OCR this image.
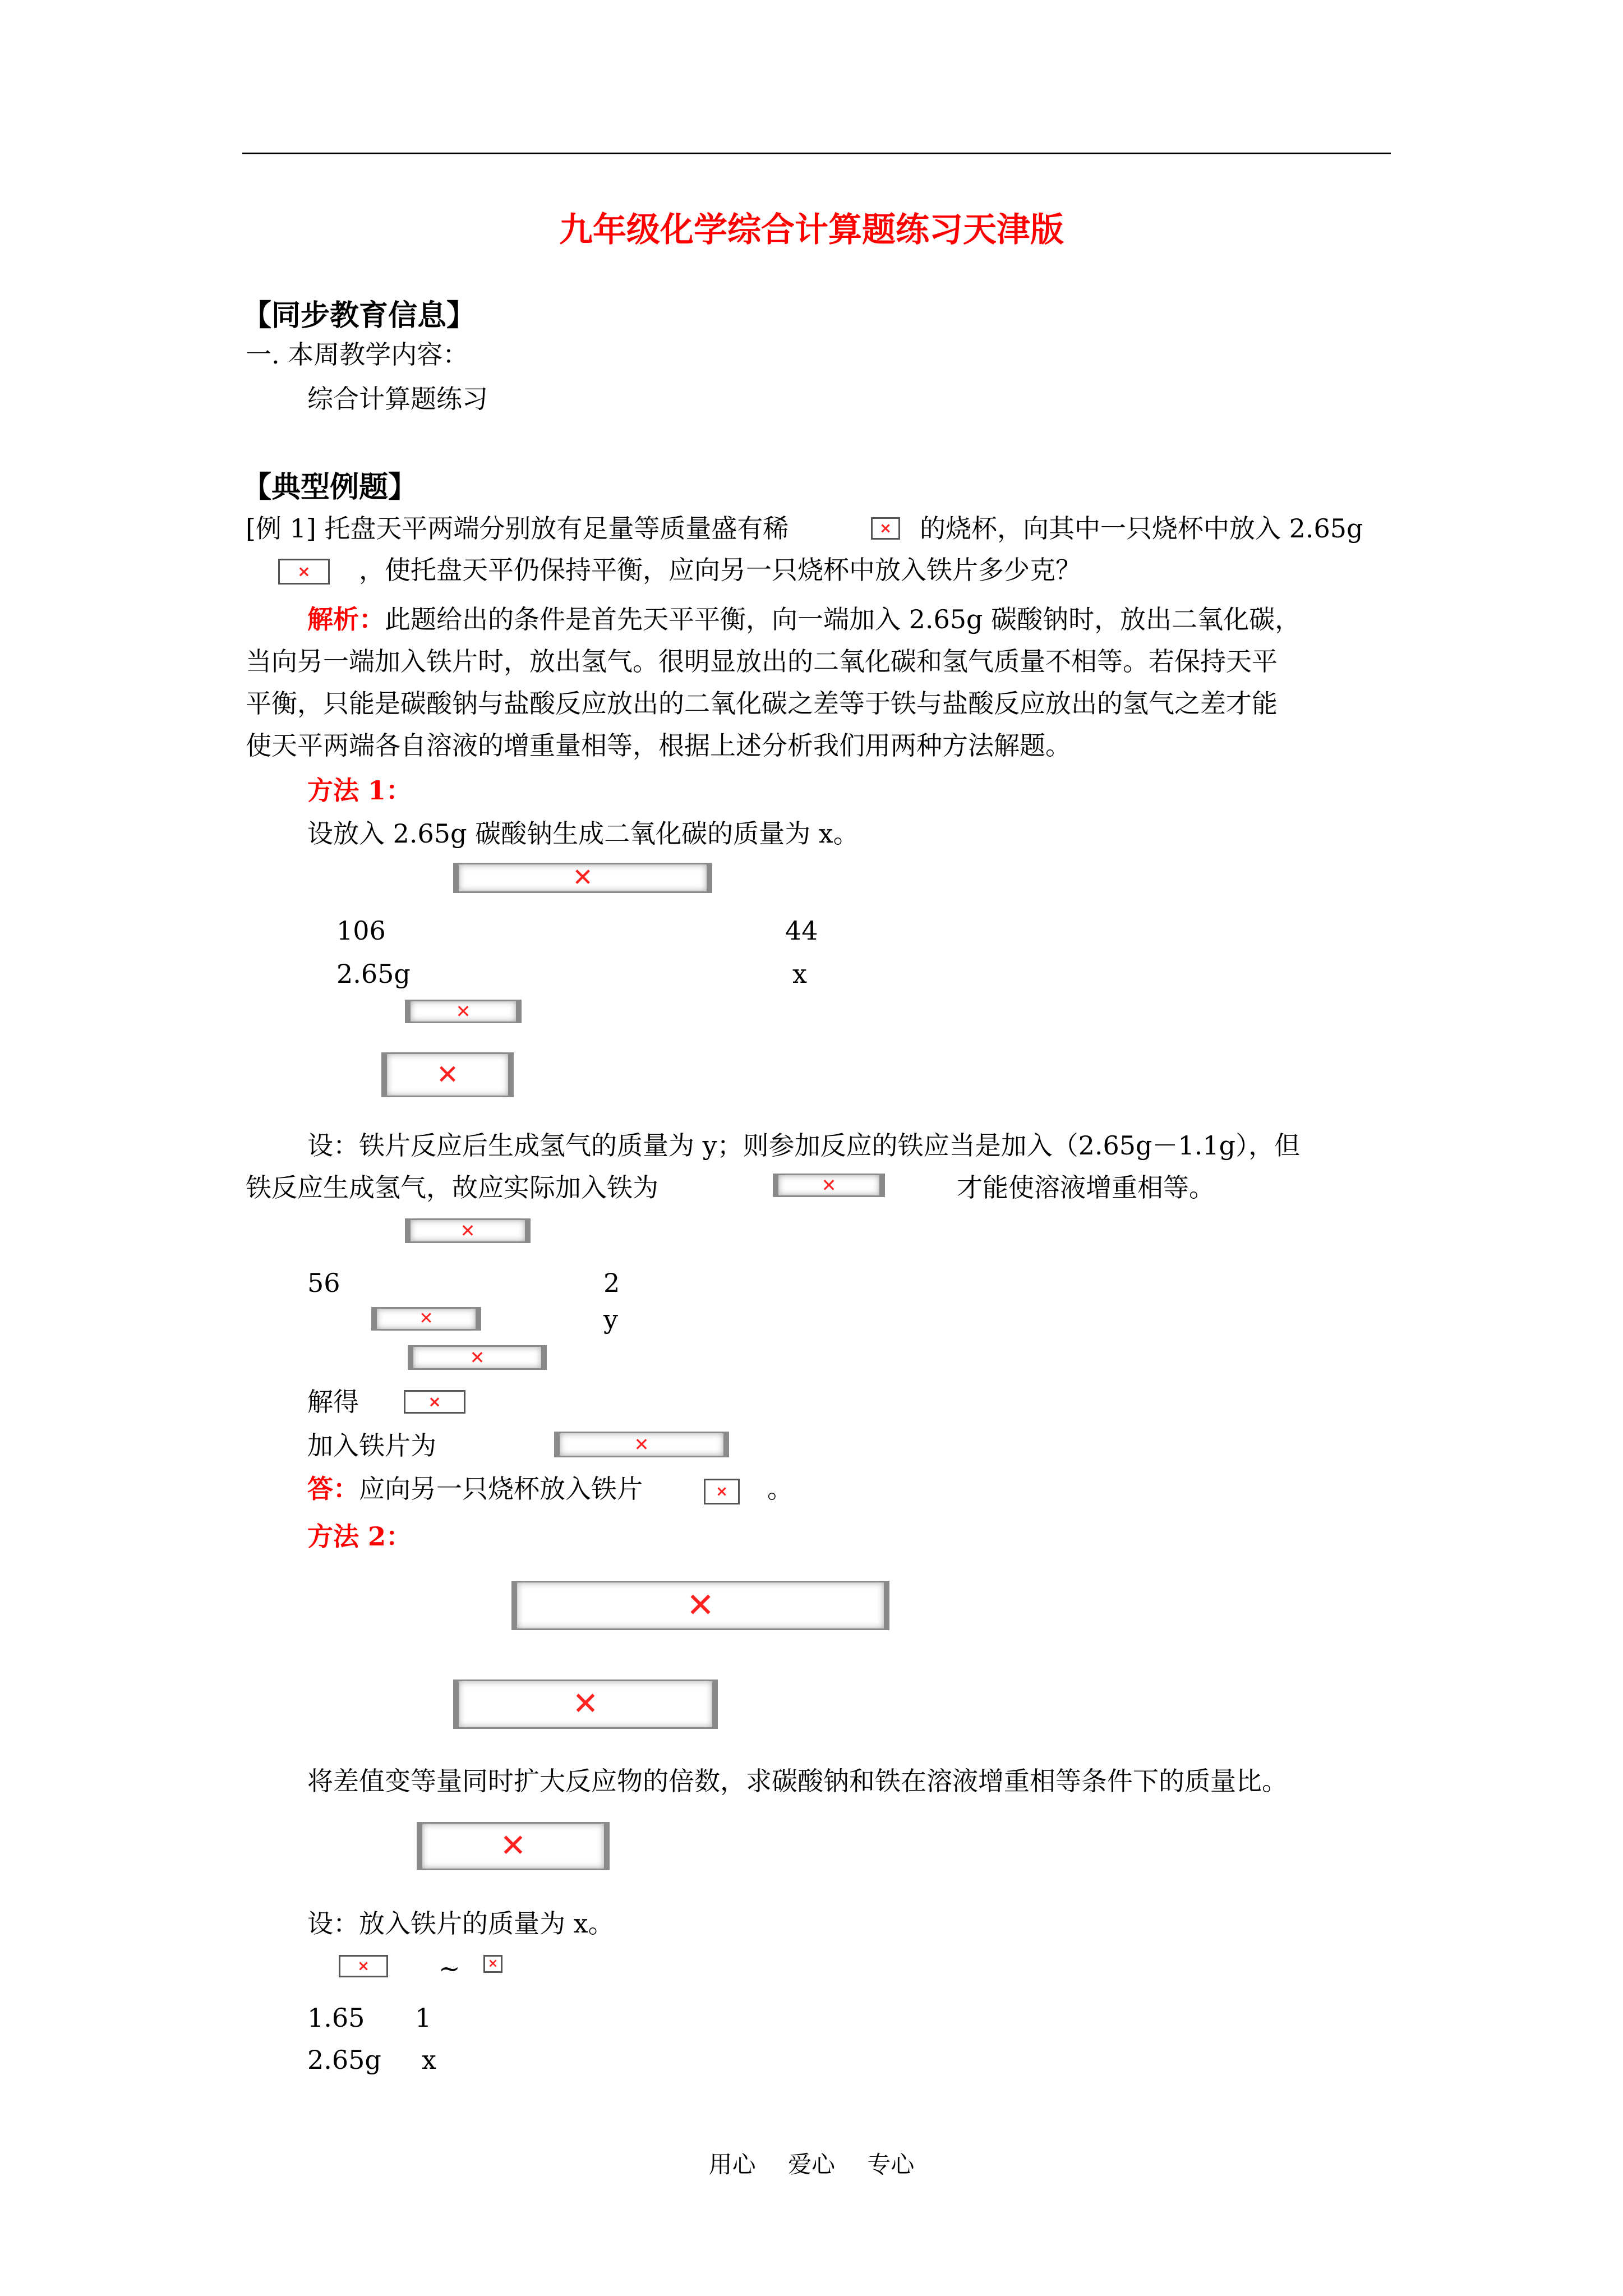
九年级化学综合计算题练习天津版
【同步教育信息】
一. 本周教学内容：
综合计算题练习
【典型例题】
[例 1] 托盘天平两端分别放有足量等质量盛有稀	× 的烧杯，向其中一只烧杯中放入 2.65g
× ，使托盘天平仍保持平衡，应向另一只烧杯中放入铁片多少克？
解析：此题给出的条件是首先天平平衡，向一端加入 2.65g 碳酸钠时，放出二氧化碳，
当向另一端加入铁片时，放出氢气。很明显放出的二氧化碳和氢气质量不相等。若保持天平
平衡，只能是碳酸钠与盐酸反应放出的二氧化碳之差等于铁与盐酸反应放出的氢气之差才能
使天平两端各自溶液的增重量相等，根据上述分析我们用两种方法解题。
方法 1：
设放入 2.65g 碳酸钠生成二氧化碳的质量为 x。
✕
106	44
2.65g	x
✕
✕
设：铁片反应后生成氢气的质量为 y；则参加反应的铁应当是加入（2.65g－1.1g），但
铁反应生成氢气，故应实际加入铁为	✕	才能使溶液增重相等。
✕
56	2
✕	y
✕
解得	×
加入铁片为	✕
答：应向另一只烧杯放入铁片	× 。
方法 2：
✕
✕
将差值变等量同时扩大反应物的倍数，求碳酸钠和铁在溶液增重相等条件下的质量比。
✕
设：放入铁片的质量为 x。
×	~ ×
1.65 1
2.65g x
用心 爱心 专心
